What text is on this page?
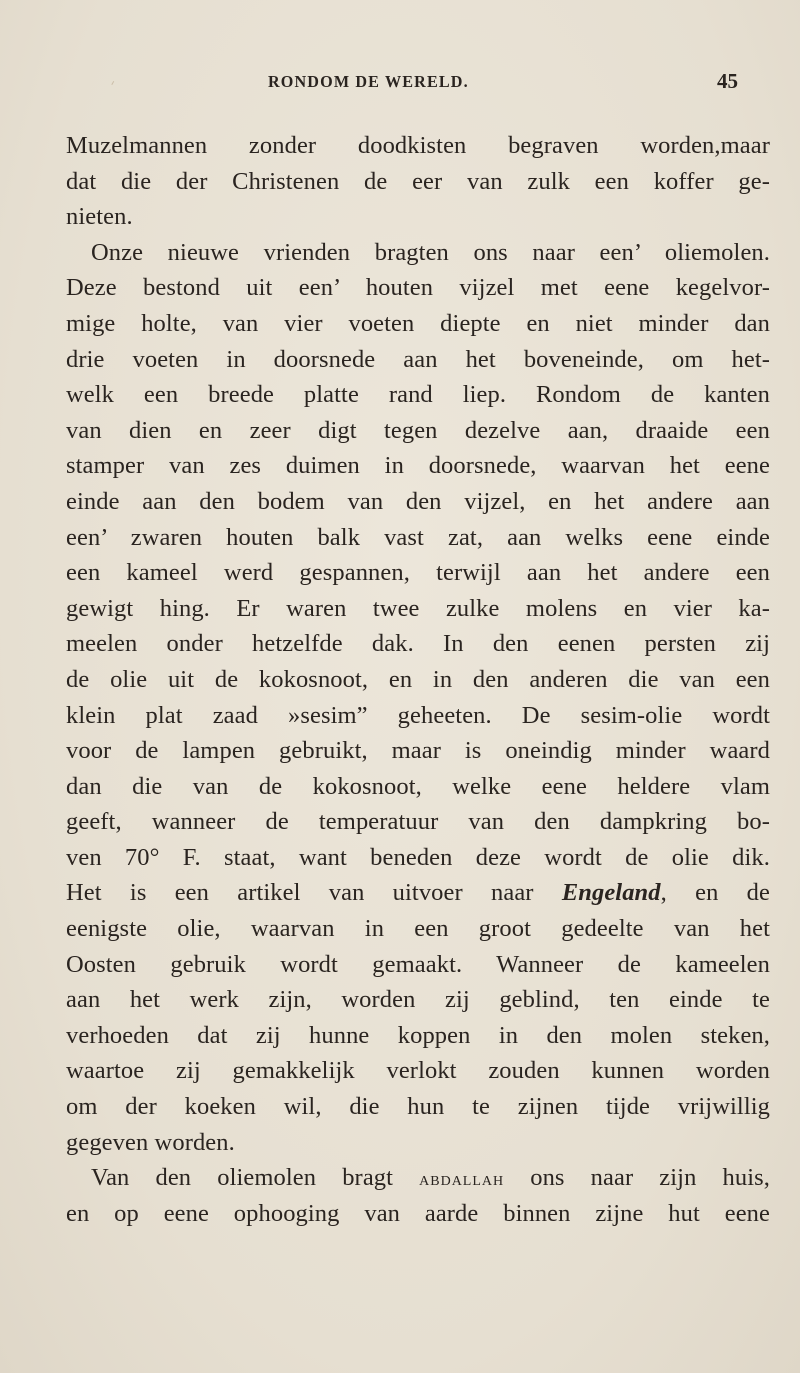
RONDOM DE WERELD.	45
Muzelmannen zonder doodkisten begraven worden,maar
dat die der Christenen de eer van zulk een koffer ge-
nieten.
Onze nieuwe vrienden bragten ons naar een’ oliemolen.
Deze bestond uit een’ houten vijzel met eene kegelvor-
mige holte, van vier voeten diepte en niet minder dan
drie voeten in doorsnede aan het boveneinde, om het-
welk een breede platte rand liep. Rondom de kanten
van dien en zeer digt tegen dezelve aan, draaide een
stamper van zes duimen in doorsnede, waarvan het eene
einde aan den bodem van den vijzel, en het andere aan
een’ zwaren houten balk vast zat, aan welks eene einde
een kameel werd gespannen, terwijl aan het andere een
gewigt hing. Er waren twee zulke molens en vier ka-
meelen onder hetzelfde dak. In den eenen persten zij
de olie uit de kokosnoot, en in den anderen die van een
klein plat zaad »sesim” geheeten. De sesim-olie wordt
voor de lampen gebruikt, maar is oneindig minder waard
dan die van de kokosnoot, welke eene heldere vlam
geeft, wanneer de temperatuur van den dampkring bo-
ven 70° F. staat, want beneden deze wordt de olie dik.
Het is een artikel van uitvoer naar Engeland, en de
eenigste olie, waarvan in een groot gedeelte van het
Oosten gebruik wordt gemaakt. Wanneer de kameelen
aan het werk zijn, worden zij geblind, ten einde te
verhoeden dat zij hunne koppen in den molen steken,
waartoe zij gemakkelijk verlokt zouden kunnen worden
om der koeken wil, die hun te zijnen tijde vrijwillig
gegeven worden.
Van den oliemolen bragt abdallah ons naar zijn huis,
en op eene ophooging van aarde binnen zijne hut eene
